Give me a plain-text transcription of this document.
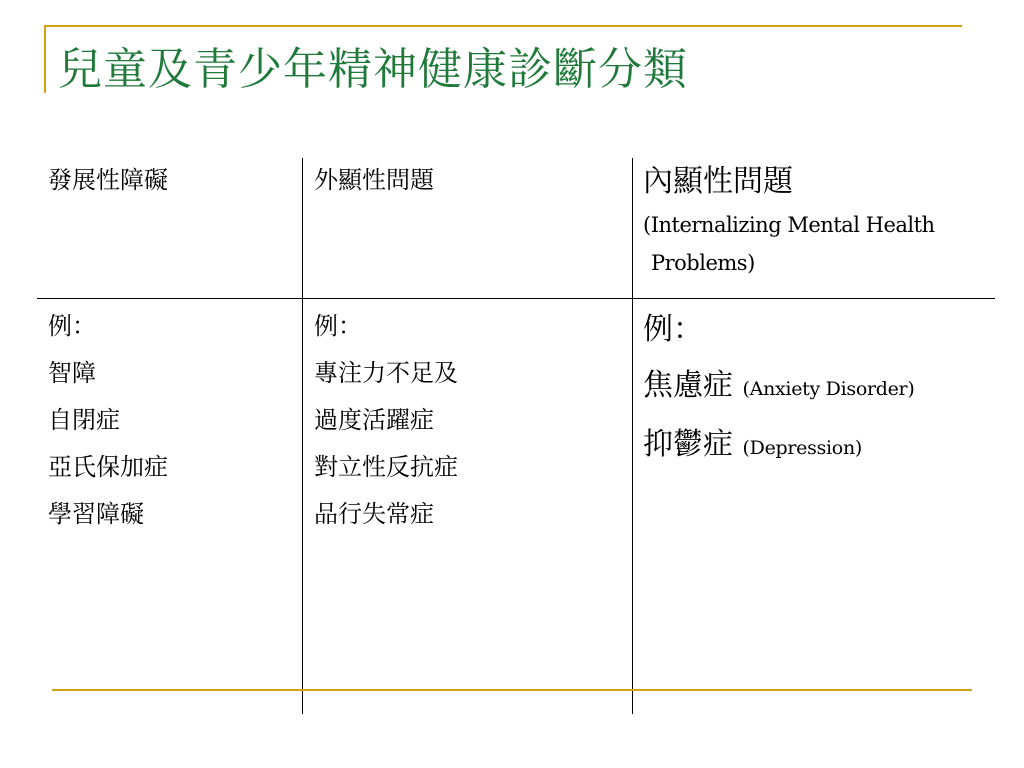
兒童及青少年精神健康診斷分類
發展性障礙	外顯性問題	內顯性問題
(Internalizing Mental Health Problems)
例：
智障
自閉症
亞氏保加症
學習障礙
例：
專注力不足及
過度活躍症
對立性反抗症
品行失常症
例：
焦慮症 (Anxiety Disorder)
抑鬱症 (Depression)
